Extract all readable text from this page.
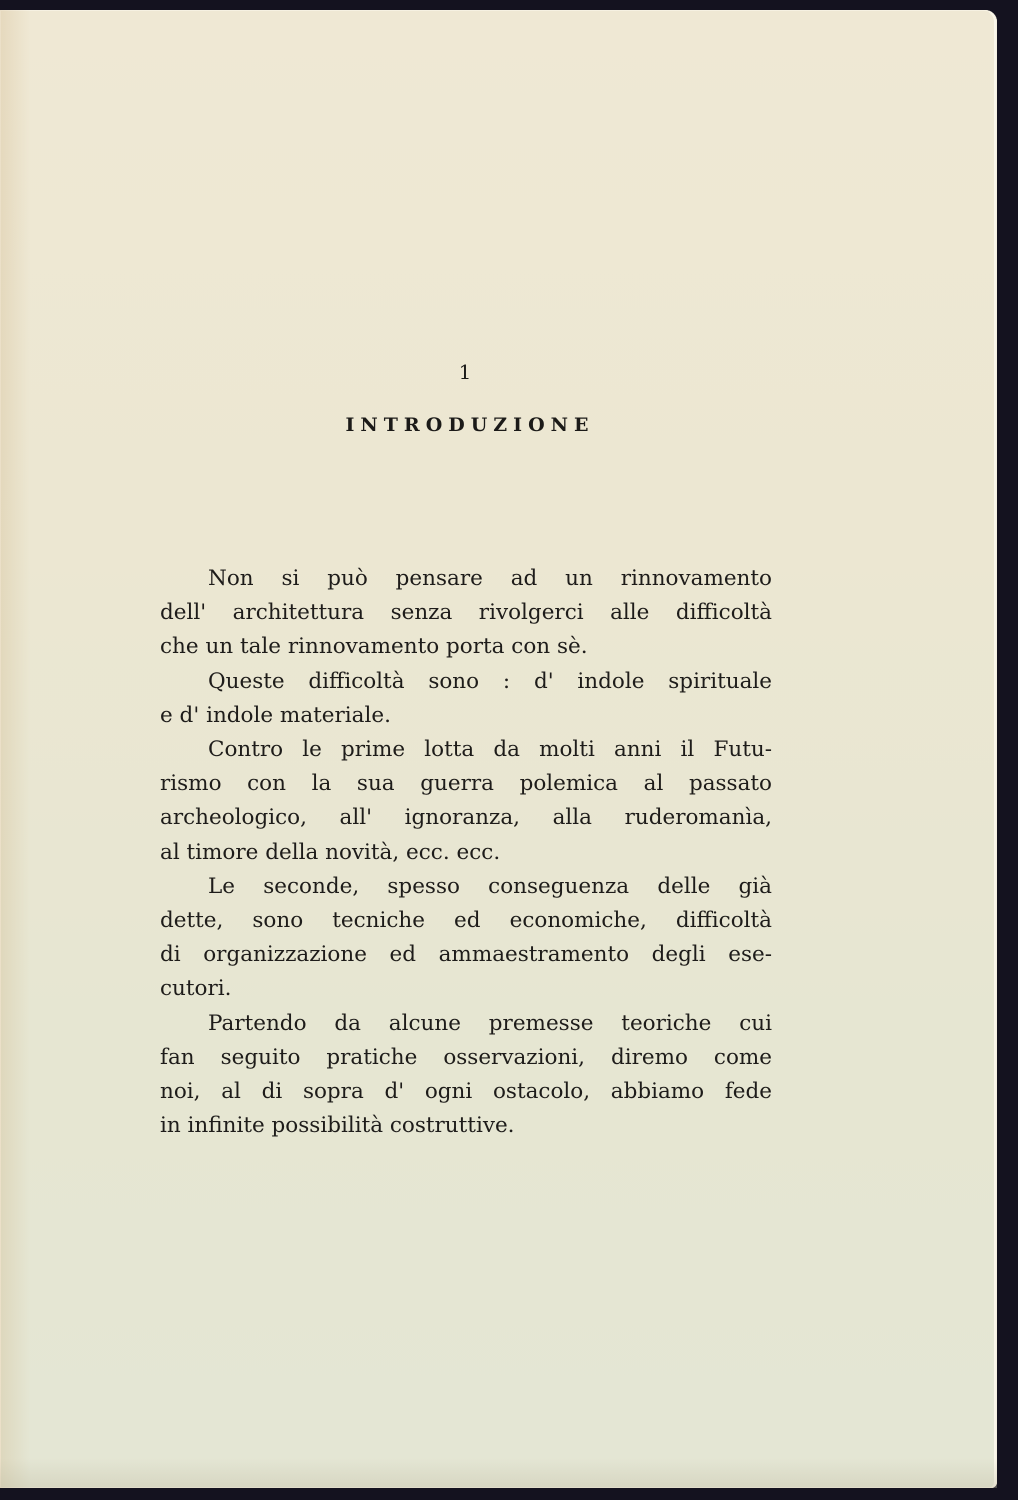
1
INTRODUZIONE
Non si può pensare ad un rinnovamento
dell' architettura senza rivolgerci alle difficoltà
che un tale rinnovamento porta con sè.
Queste difficoltà sono : d' indole spirituale
e d' indole materiale.
Contro le prime lotta da molti anni il Futu-
rismo con la sua guerra polemica al passato
archeologico, all' ignoranza, alla ruderomanìa,
al timore della novità, ecc. ecc.
Le seconde, spesso conseguenza delle già
dette, sono tecniche ed economiche, difficoltà
di organizzazione ed ammaestramento degli ese-
cutori.
Partendo da alcune premesse teoriche cui
fan seguito pratiche osservazioni, diremo come
noi, al di sopra d' ogni ostacolo, abbiamo fede
in infinite possibilità costruttive.
